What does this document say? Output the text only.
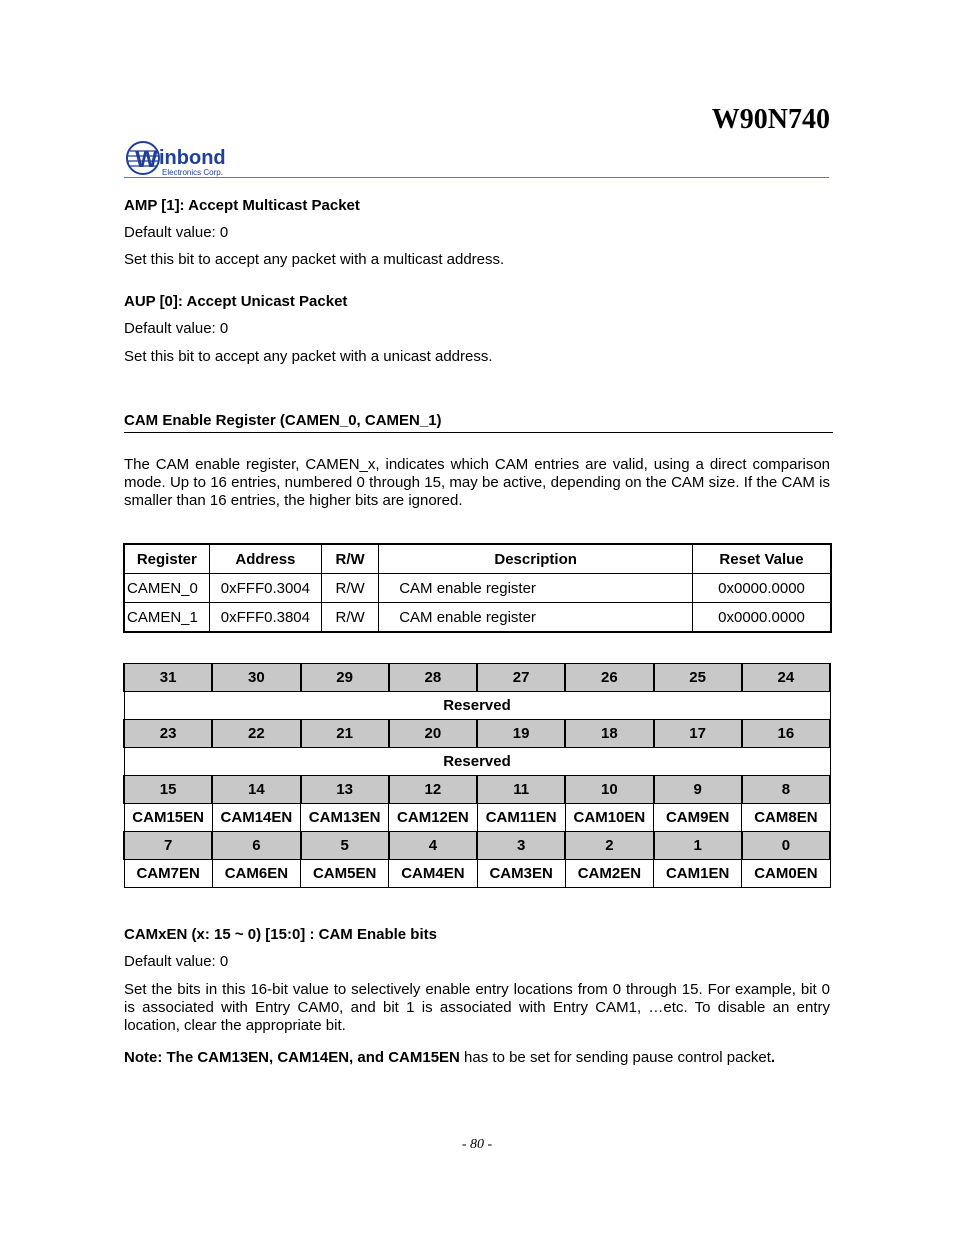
W90N740
W inbond
Electronics Corp.
AMP [1]: Accept Multicast Packet
Default value: 0
Set this bit to accept any packet with a multicast address.
AUP [0]: Accept Unicast Packet
Default value: 0
Set this bit to accept any packet with a unicast address.
CAM Enable Register (CAMEN_0, CAMEN_1)
The CAM enable register, CAMEN_x, indicates which CAM entries are valid, using a direct comparison mode. Up to 16 entries, numbered 0 through 15, may be active, depending on the CAM size. If the CAM is smaller than 16 entries, the higher bits are ignored.
Register	Address	R/W	Description	Reset Value
CAMEN_0	0xFFF0.3004	R/W	CAM enable register	0x0000.0000
CAMEN_1	0xFFF0.3804	R/W	CAM enable register	0x0000.0000
31	30	29	28	27	26	25	24
Reserved							
23	22	21	20	19	18	17	16
Reserved							
15	14	13	12	11	10	9	8
CAM15EN	CAM14EN	CAM13EN	CAM12EN	CAM11EN	CAM10EN	CAM9EN	CAM8EN
7	6	5	4	3	2	1	0
CAM7EN	CAM6EN	CAM5EN	CAM4EN	CAM3EN	CAM2EN	CAM1EN	CAM0EN
CAMxEN (x: 15 ~ 0) [15:0] : CAM Enable bits
Default value: 0
Set the bits in this 16-bit value to selectively enable entry locations from 0 through 15. For example, bit 0 is associated with Entry CAM0, and bit 1 is associated with Entry CAM1, …etc. To disable an entry location, clear the appropriate bit.
Note: The CAM13EN, CAM14EN, and CAM15EN has to be set for sending pause control packet.
- 80 -
